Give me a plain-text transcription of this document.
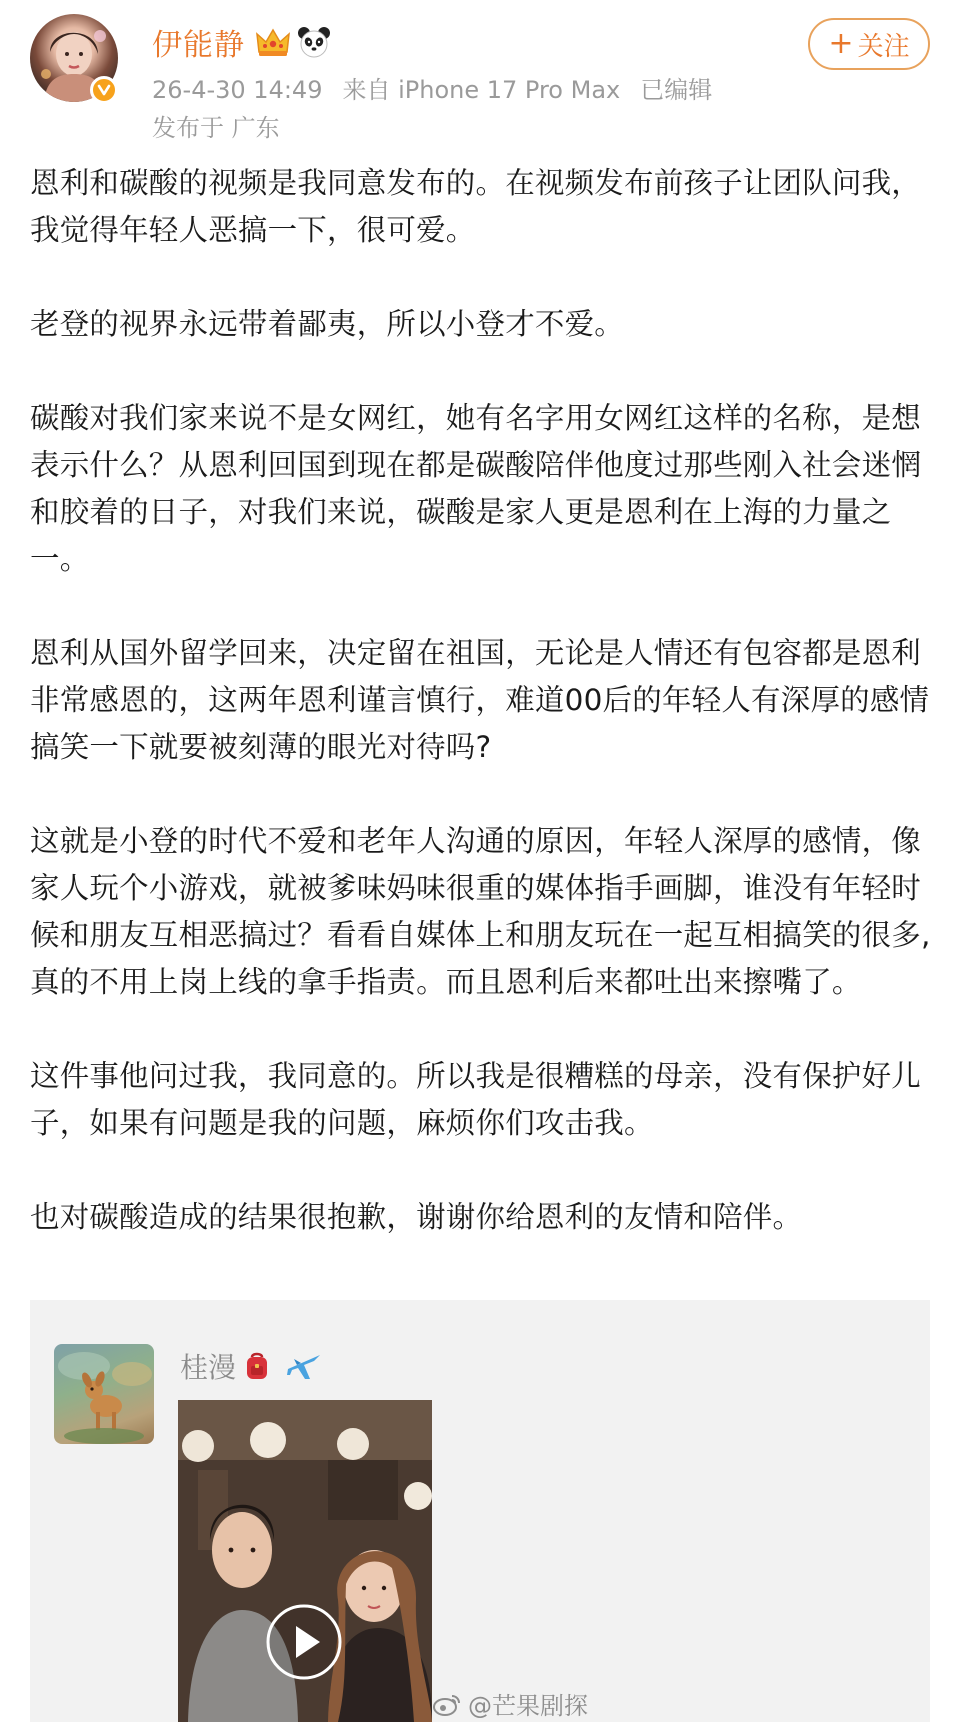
伊能静
26-4-30 14:49 来自 iPhone 17 Pro Max 已编辑
发布于 广东
+ 关注

恩利和碳酸的视频是我同意发布的。在视频发布前孩子让团队问我，我觉得年轻人恶搞一下，很可爱。

老登的视界永远带着鄙夷，所以小登才不爱。

碳酸对我们家来说不是女网红，她有名字用女网红这样的名称，是想表示什么？从恩利回国到现在都是碳酸陪伴他度过那些刚入社会迷惘和胶着的日子，对我们来说，碳酸是家人更是恩利在上海的力量之一。

恩利从国外留学回来，决定留在祖国，无论是人情还有包容都是恩利非常感恩的，这两年恩利谨言慎行，难道00后的年轻人有深厚的感情搞笑一下就要被刻薄的眼光对待吗?

这就是小登的时代不爱和老年人沟通的原因，年轻人深厚的感情，像家人玩个小游戏，就被爹味妈味很重的媒体指手画脚，谁没有年轻时候和朋友互相恶搞过？看看自媒体上和朋友玩在一起互相搞笑的很多,真的不用上岗上线的拿手指责。而且恩利后来都吐出来擦嘴了。

这件事他问过我，我同意的。所以我是很糟糕的母亲，没有保护好儿子，如果有问题是我的问题，麻烦你们攻击我。

也对碳酸造成的结果很抱歉，谢谢你给恩利的友情和陪伴。

桂漫
@芒果剧探
